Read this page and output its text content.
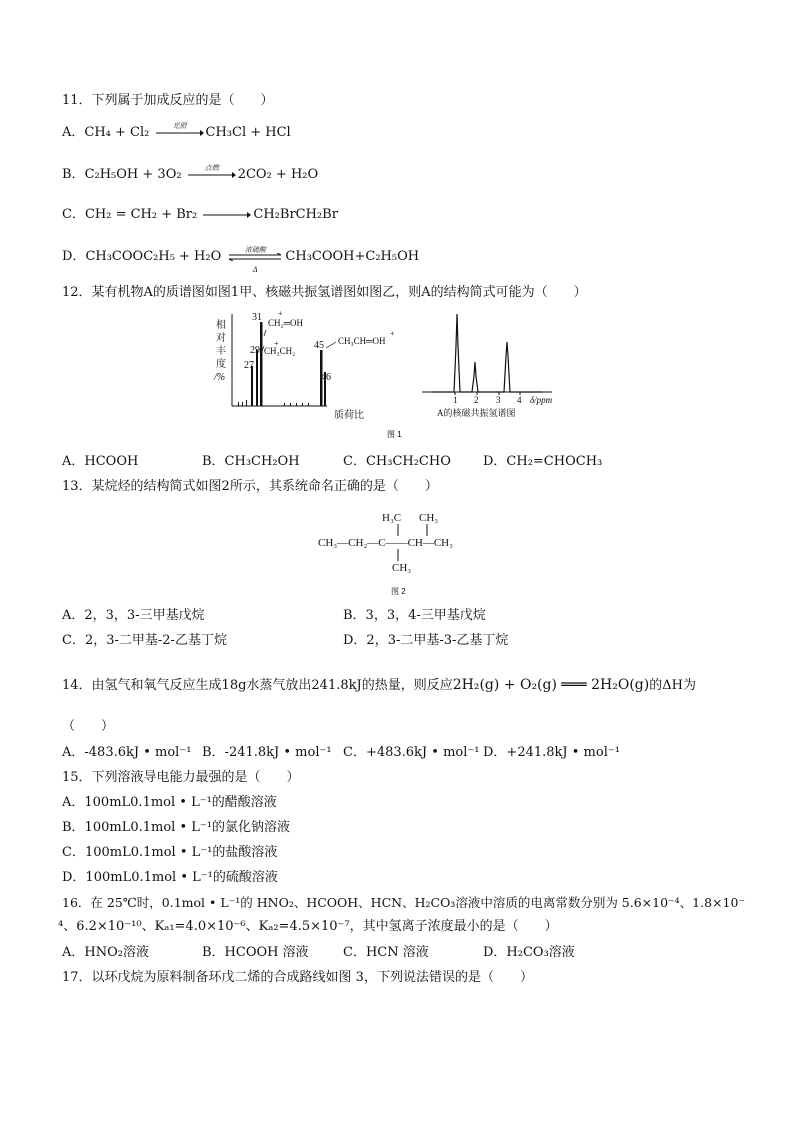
11．下列属于加成反应的是（　　）
A．CH₄ + Cl₂	光照	CH₃Cl + HCl
B．C₂H₅OH + 3O₂	点燃	2CO₂ + H₂O
C．CH₂ = CH₂ + Br₂ → CH₂BrCH₂Br
D．CH₃COOC₂H₅ + H₂O	浓硫酸
Δ
CH₃COOH+C₂H₅OH
12．某有机物A的质谱图如图1甲、核磁共振氢谱图如图乙，则A的结构简式可能为（　　）
相
对
丰
度
/%
27
29
31
45
46
CH₂═OH
+
CH₃CH₂
+	CH₃CH═OH
+
质荷比
1 2 3 4 δ/ppm
A的核磁共振氢谱图
图 1
A．HCOOH	B．CH₃CH₂OH	C．CH₃CH₂CHO D．CH₂=CHOCH₃
13．某烷烃的结构简式如图2所示，其系统命名正确的是（　　）
H₃C CH₃
CH₃—CH₂—C——CH—CH₃
CH₃
图 2
A．2，3，3-三甲基戊烷	B．3，3，4-三甲基戊烷
C．2，3-二甲基-2-乙基丁烷	D．2，3-二甲基-3-乙基丁烷
14．由氢气和氧气反应生成18g水蒸气放出241.8kJ的热量，则反应2H₂(g) + O₂(g) ═══ 2H₂O(g)的ΔH为
（　　）
A．-483.6kJ • mol⁻¹ B．-241.8kJ • mol⁻¹ C．+483.6kJ • mol⁻¹ D．+241.8kJ • mol⁻¹
15．下列溶液导电能力最强的是（　　）
A．100mL0.1mol • L⁻¹的醋酸溶液
B．100mL0.1mol • L⁻¹的氯化钠溶液
C．100mL0.1mol • L⁻¹的盐酸溶液
D．100mL0.1mol • L⁻¹的硫酸溶液
16．在 25℃时，0.1mol • L⁻¹的 HNO₂、HCOOH、HCN、H₂CO₃溶液中溶质的电离常数分别为 5.6×10⁻⁴、1.8×10⁻
⁴、6.2×10⁻¹⁰、Kₐ₁=4.0×10⁻⁶、Kₐ₂=4.5×10⁻⁷，其中氢离子浓度最小的是（　　）
A．HNO₂溶液	B．HCOOH 溶液	C．HCN 溶液	D．H₂CO₃溶液
17．以环戊烷为原料制备环戊二烯的合成路线如图 3，下列说法错误的是（　　）
